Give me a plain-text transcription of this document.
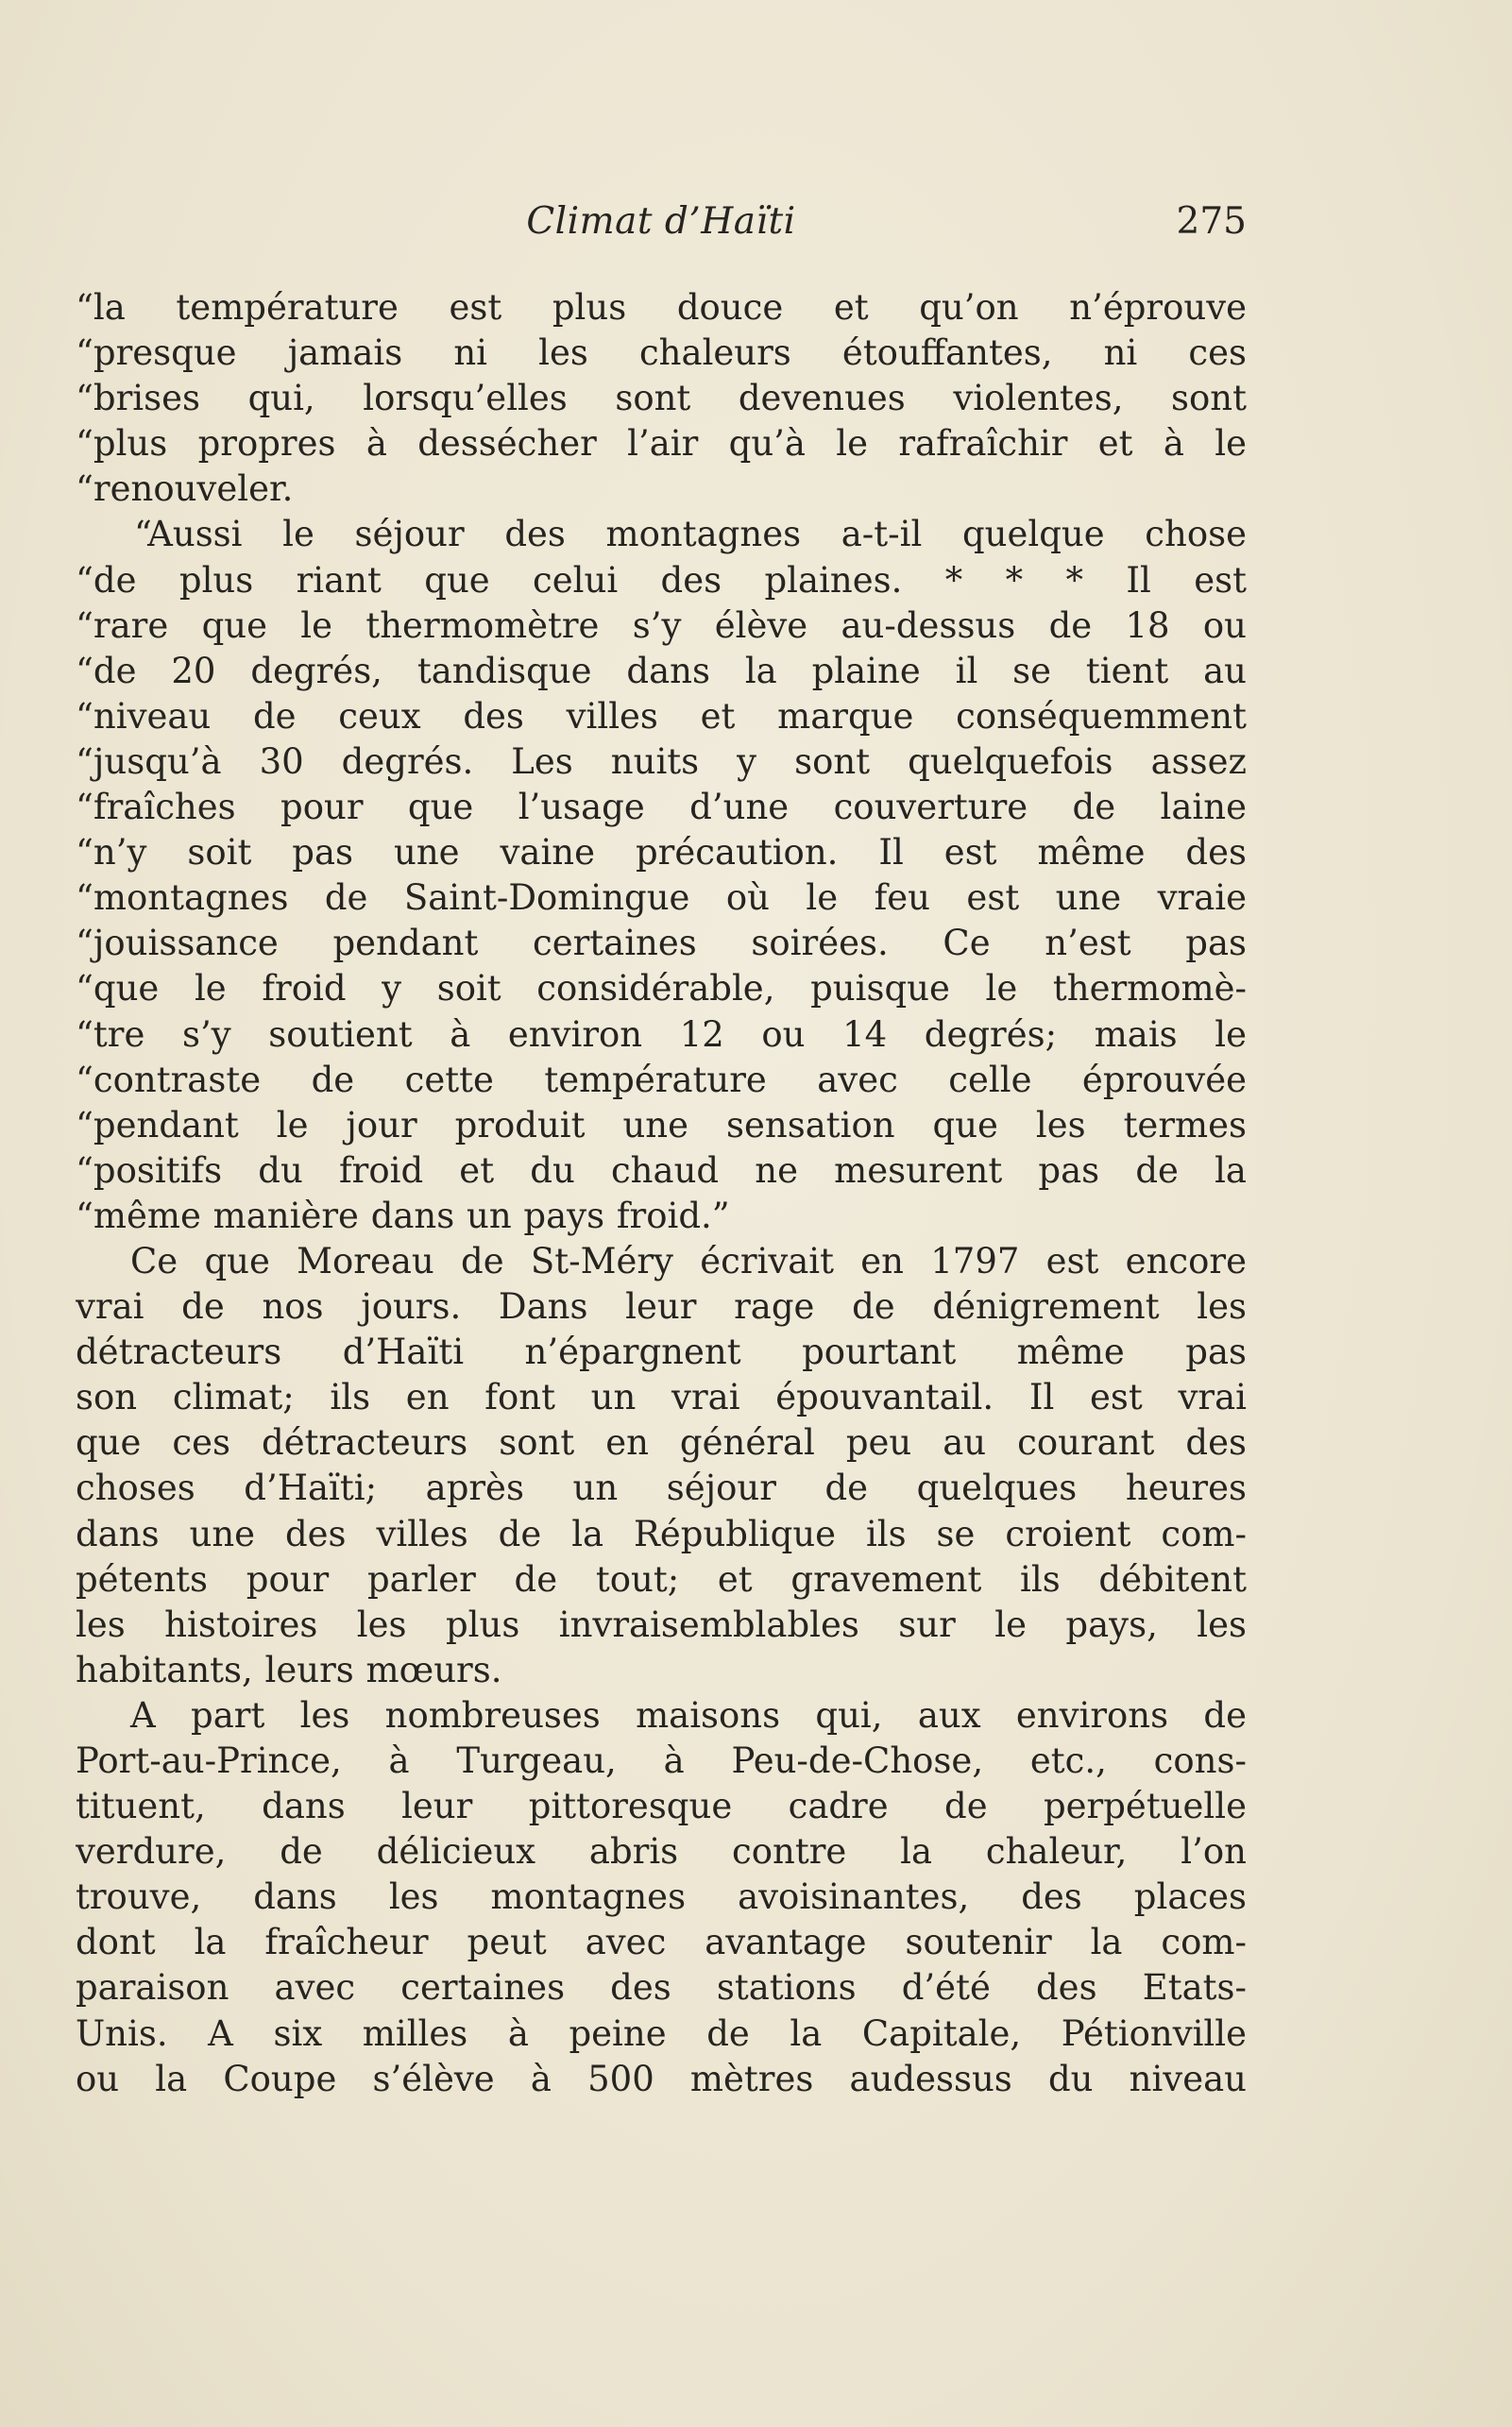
Climat d’Haïti	275
“la température est plus douce et qu’on n’éprouve
“presque jamais ni les chaleurs étouffantes, ni ces
“brises qui, lorsqu’elles sont devenues violentes, sont
“plus propres à dessécher l’air qu’à le rafraîchir et à le
“renouveler.
“Aussi le séjour des montagnes a-t-il quelque chose
“de plus riant que celui des plaines. * * * Il est
“rare que le thermomètre s’y élève au-dessus de 18 ou
“de 20 degrés, tandisque dans la plaine il se tient au
“niveau de ceux des villes et marque conséquemment
“jusqu’à 30 degrés. Les nuits y sont quelquefois assez
“fraîches pour que l’usage d’une couverture de laine
“n’y soit pas une vaine précaution. Il est même des
“montagnes de Saint-Domingue où le feu est une vraie
“jouissance pendant certaines soirées. Ce n’est pas
“que le froid y soit considérable, puisque le thermomè-
“tre s’y soutient à environ 12 ou 14 degrés; mais le
“contraste de cette température avec celle éprouvée
“pendant le jour produit une sensation que les termes
“positifs du froid et du chaud ne mesurent pas de la
“même manière dans un pays froid.”
Ce que Moreau de St-Méry écrivait en 1797 est encore
vrai de nos jours. Dans leur rage de dénigrement les
détracteurs d’Haïti n’épargnent pourtant même pas
son climat; ils en font un vrai épouvantail. Il est vrai
que ces détracteurs sont en général peu au courant des
choses d’Haïti; après un séjour de quelques heures
dans une des villes de la République ils se croient com-
pétents pour parler de tout; et gravement ils débitent
les histoires les plus invraisemblables sur le pays, les
habitants, leurs mœurs.
A part les nombreuses maisons qui, aux environs de
Port-au-Prince, à Turgeau, à Peu-de-Chose, etc., cons-
tituent, dans leur pittoresque cadre de perpétuelle
verdure, de délicieux abris contre la chaleur, l’on
trouve, dans les montagnes avoisinantes, des places
dont la fraîcheur peut avec avantage soutenir la com-
paraison avec certaines des stations d’été des Etats-
Unis. A six milles à peine de la Capitale, Pétionville
ou la Coupe s’élève à 500 mètres audessus du niveau
